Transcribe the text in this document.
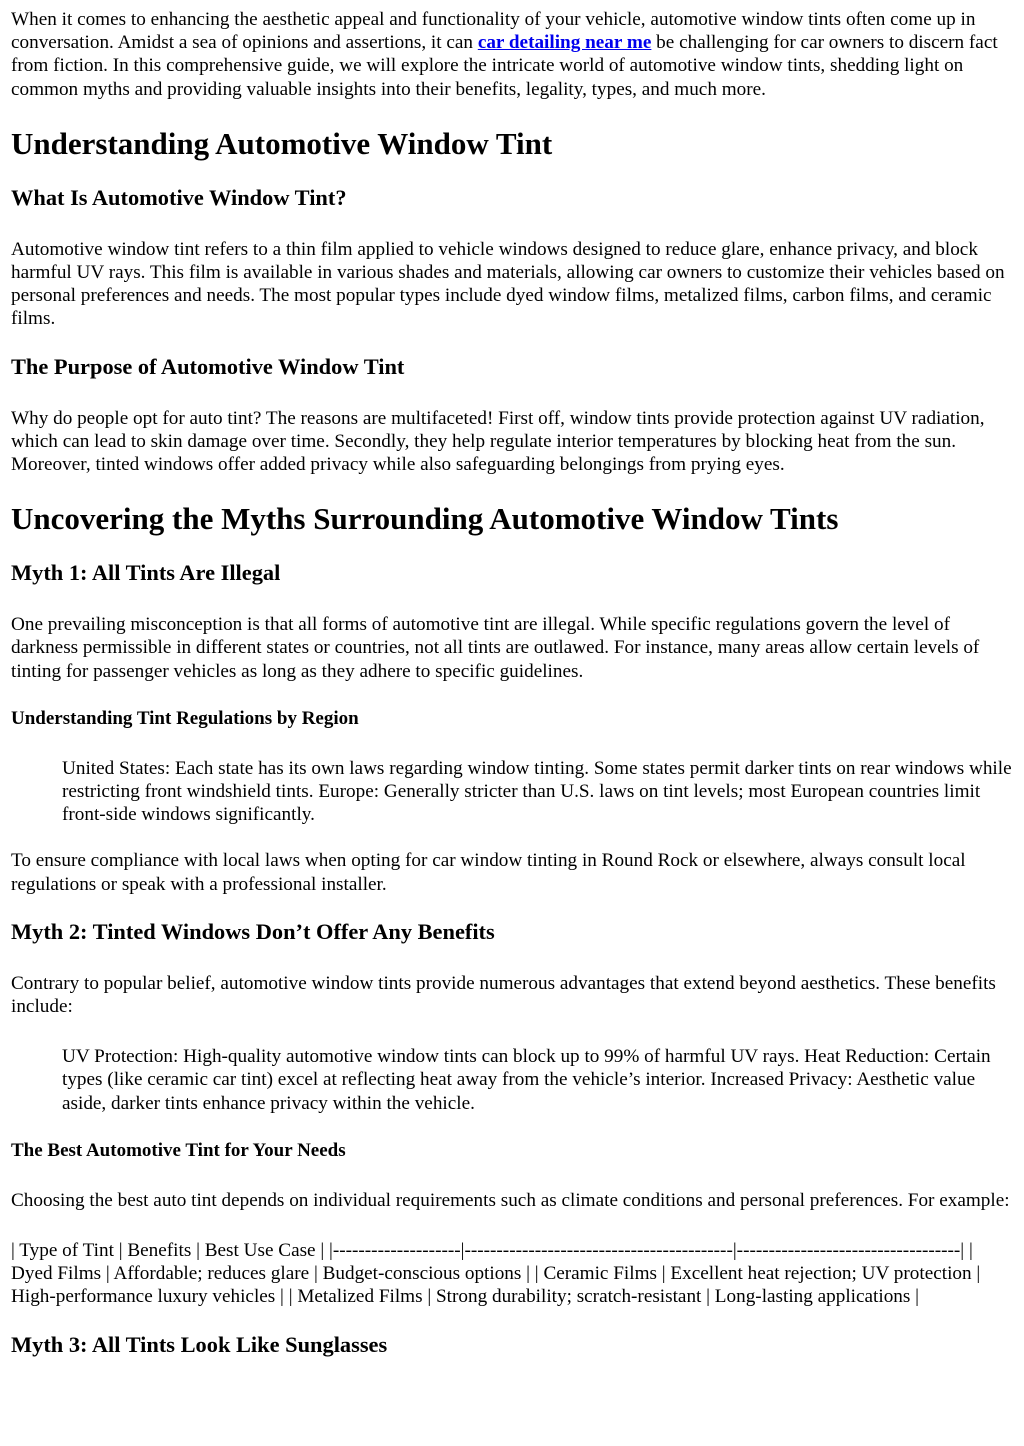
When it comes to enhancing the aesthetic appeal and functionality of your vehicle, automotive window tints often come up in conversation. Amidst a sea of opinions and assertions, it can car detailing near me be challenging for car owners to discern fact from fiction. In this comprehensive guide, we will explore the intricate world of automotive window tints, shedding light on common myths and providing valuable insights into their benefits, legality, types, and much more.

Understanding Automotive Window Tint
What Is Automotive Window Tint?

Automotive window tint refers to a thin film applied to vehicle windows designed to reduce glare, enhance privacy, and block harmful UV rays. This film is available in various shades and materials, allowing car owners to customize their vehicles based on personal preferences and needs. The most popular types include dyed window films, metalized films, carbon films, and ceramic films.

The Purpose of Automotive Window Tint

Why do people opt for auto tint? The reasons are multifaceted! First off, window tints provide protection against UV radiation, which can lead to skin damage over time. Secondly, they help regulate interior temperatures by blocking heat from the sun. Moreover, tinted windows offer added privacy while also safeguarding belongings from prying eyes.

Uncovering the Myths Surrounding Automotive Window Tints
Myth 1: All Tints Are Illegal

One prevailing misconception is that all forms of automotive tint are illegal. While specific regulations govern the level of darkness permissible in different states or countries, not all tints are outlawed. For instance, many areas allow certain levels of tinting for passenger vehicles as long as they adhere to specific guidelines.

Understanding Tint Regulations by Region
United States: Each state has its own laws regarding window tinting. Some states permit darker tints on rear windows while restricting front windshield tints. Europe: Generally stricter than U.S. laws on tint levels; most European countries limit front-side windows significantly.

To ensure compliance with local laws when opting for car window tinting in Round Rock or elsewhere, always consult local regulations or speak with a professional installer.

Myth 2: Tinted Windows Don’t Offer Any Benefits

Contrary to popular belief, automotive window tints provide numerous advantages that extend beyond aesthetics. These benefits include:

UV Protection: High-quality automotive window tints can block up to 99% of harmful UV rays. Heat Reduction: Certain types (like ceramic car tint) excel at reflecting heat away from the vehicle’s interior. Increased Privacy: Aesthetic value aside, darker tints enhance privacy within the vehicle.
The Best Automotive Tint for Your Needs

Choosing the best auto tint depends on individual requirements such as climate conditions and personal preferences. For example:

| Type of Tint | Benefits | Best Use Case | |--------------------|------------------------------------------|-----------------------------------| | Dyed Films | Affordable; reduces glare | Budget-conscious options | | Ceramic Films | Excellent heat rejection; UV protection | High-performance luxury vehicles | | Metalized Films | Strong durability; scratch-resistant | Long-lasting applications |

Myth 3: All Tints Look Like Sunglasses
